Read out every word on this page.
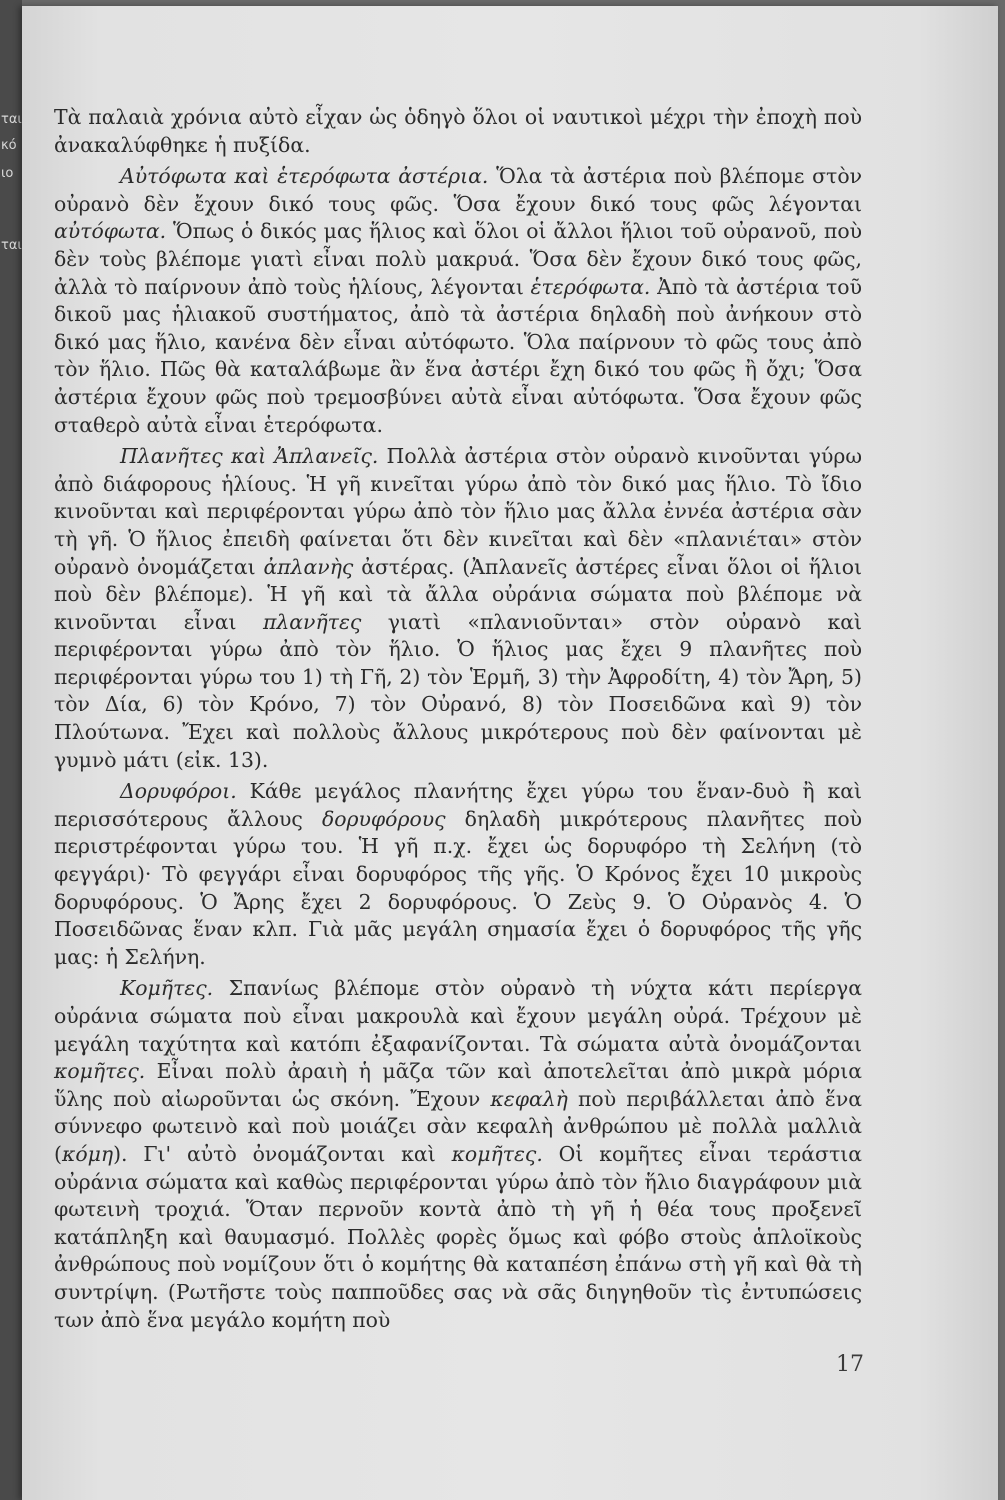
ται
κό
ιο
ται

Τὰ παλαιὰ χρόνια αὐτὸ εἶχαν ὡς ὁδηγὸ ὅλοι οἱ ναυτικοὶ μέχρι τὴν ἐποχὴ ποὺ ἀνακαλύφθηκε ἡ πυξίδα.

Αὐτόφωτα καὶ ἑτερόφωτα ἀστέρια. Ὅλα τὰ ἀστέρια ποὺ βλέπομε στὸν οὐρανὸ δὲν ἔχουν δικό τους φῶς. Ὅσα ἔχουν δικό τους φῶς λέγονται αὐτόφωτα. Ὅπως ὁ δικός μας ἥλιος καὶ ὅλοι οἱ ἄλλοι ἥλιοι τοῦ οὐρανοῦ, ποὺ δὲν τοὺς βλέπομε γιατὶ εἶναι πολὺ μακρυά. Ὅσα δὲν ἔχουν δικό τους φῶς, ἀλλὰ τὸ παίρνουν ἀπὸ τοὺς ἡλίους, λέγονται ἑτερόφωτα. Ἀπὸ τὰ ἀστέρια τοῦ δικοῦ μας ἡλιακοῦ συστήματος, ἀπὸ τὰ ἀστέρια δηλαδὴ ποὺ ἀνήκουν στὸ δικό μας ἥλιο, κανένα δὲν εἶναι αὐτόφωτο. Ὅλα παίρνουν τὸ φῶς τους ἀπὸ τὸν ἥλιο. Πῶς θὰ καταλάβωμε ἂν ἕνα ἀστέρι ἔχη δικό του φῶς ἢ ὄχι; Ὅσα ἀστέρια ἔχουν φῶς ποὺ τρεμοσβύνει αὐτὰ εἶναι αὐτόφωτα. Ὅσα ἔχουν φῶς σταθερὸ αὐτὰ εἶναι ἑτερόφωτα.

Πλανῆτες καὶ Ἀπλανεῖς. Πολλὰ ἀστέρια στὸν οὐρανὸ κινοῦνται γύρω ἀπὸ διάφορους ἡλίους. Ἡ γῆ κινεῖται γύρω ἀπὸ τὸν δικό μας ἥλιο. Τὸ ἴδιο κινοῦνται καὶ περιφέρονται γύρω ἀπὸ τὸν ἥλιο μας ἄλλα ἐννέα ἀστέρια σὰν τὴ γῆ. Ὁ ἥλιος ἐπειδὴ φαίνεται ὅτι δὲν κινεῖται καὶ δὲν «πλανιέται» στὸν οὐρανὸ ὀνομάζεται ἀπλανὴς ἀστέρας. (Ἀπλανεῖς ἀστέρες εἶναι ὅλοι οἱ ἥλιοι ποὺ δὲν βλέπομε). Ἡ γῆ καὶ τὰ ἄλλα οὐράνια σώματα ποὺ βλέπομε νὰ κινοῦνται εἶναι πλανῆτες γιατὶ «πλανιοῦνται» στὸν οὐρανὸ καὶ περιφέρονται γύρω ἀπὸ τὸν ἥλιο. Ὁ ἥλιος μας ἔχει 9 πλανῆτες ποὺ περιφέρονται γύρω του 1) τὴ Γῆ, 2) τὸν Ἑρμῆ, 3) τὴν Ἀφροδίτη, 4) τὸν Ἄρη, 5) τὸν Δία, 6) τὸν Κρόνο, 7) τὸν Οὐρανό, 8) τὸν Ποσειδῶνα καὶ 9) τὸν Πλούτωνα. Ἔχει καὶ πολλοὺς ἄλλους μικρότερους ποὺ δὲν φαίνονται μὲ γυμνὸ μάτι (εἰκ. 13).

Δορυφόροι. Κάθε μεγάλος πλανήτης ἔχει γύρω του ἕναν-δυὸ ἢ καὶ περισσότερους ἄλλους δορυφόρους δηλαδὴ μικρότερους πλανῆτες ποὺ περιστρέφονται γύρω του. Ἡ γῆ π.χ. ἔχει ὡς δορυφόρο τὴ Σελήνη (τὸ φεγγάρι)· Τὸ φεγγάρι εἶναι δορυφόρος τῆς γῆς. Ὁ Κρόνος ἔχει 10 μικροὺς δορυφόρους. Ὁ Ἄρης ἔχει 2 δορυφόρους. Ὁ Ζεὺς 9. Ὁ Οὐρανὸς 4. Ὁ Ποσειδῶνας ἕναν κλπ. Γιὰ μᾶς μεγάλη σημασία ἔχει ὁ δορυφόρος τῆς γῆς μας: ἡ Σελήνη.

Κομῆτες. Σπανίως βλέπομε στὸν οὐρανὸ τὴ νύχτα κάτι περίεργα οὐράνια σώματα ποὺ εἶναι μακρουλὰ καὶ ἔχουν μεγάλη οὐρά. Τρέχουν μὲ μεγάλη ταχύτητα καὶ κατόπι ἐξαφανίζονται. Τὰ σώματα αὐτὰ ὀνομάζονται κομῆτες. Εἶναι πολὺ ἀραιὴ ἡ μᾶζα τῶν καὶ ἀποτελεῖται ἀπὸ μικρὰ μόρια ὕλης ποὺ αἰωροῦνται ὡς σκόνη. Ἔχουν κεφαλὴ ποὺ περιβάλλεται ἀπὸ ἕνα σύννεφο φωτεινὸ καὶ ποὺ μοιάζει σὰν κεφαλὴ ἀνθρώπου μὲ πολλὰ μαλλιὰ (κόμη). Γι' αὐτὸ ὀνομάζονται καὶ κομῆτες. Οἱ κομῆτες εἶναι τεράστια οὐράνια σώματα καὶ καθὼς περιφέρονται γύρω ἀπὸ τὸν ἥλιο διαγράφουν μιὰ φωτεινὴ τροχιά. Ὅταν περνοῦν κοντὰ ἀπὸ τὴ γῆ ἡ θέα τους προξενεῖ κατάπληξη καὶ θαυμασμό. Πολλὲς φορὲς ὅμως καὶ φόβο στοὺς ἁπλοϊκοὺς ἀνθρώπους ποὺ νομίζουν ὅτι ὁ κομήτης θὰ καταπέση ἐπάνω στὴ γῆ καὶ θὰ τὴ συντρίψη. (Ρωτῆστε τοὺς παπποῦδες σας νὰ σᾶς διηγηθοῦν τὶς ἐντυπώσεις των ἀπὸ ἕνα μεγάλο κομήτη ποὺ

17
